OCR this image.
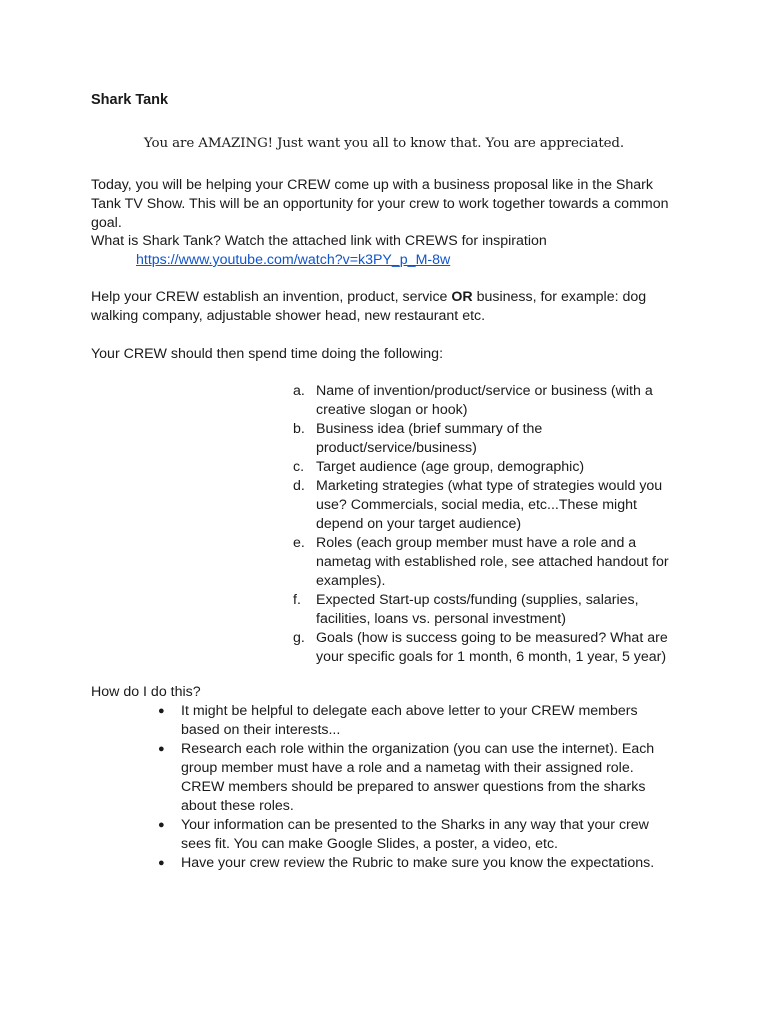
Shark Tank
You are AMAZING! Just want you all to know that. You are appreciated.

Today, you will be helping your CREW come up with a business proposal like in the Shark Tank TV Show. This will be an opportunity for your crew to work together towards a common goal.

What is Shark Tank? Watch the attached link with CREWS for inspiration

https://www.youtube.com/watch?v=k3PY_p_M-8w

Help your CREW establish an invention, product, service OR business, for example: dog walking company, adjustable shower head, new restaurant etc.

Your CREW should then spend time doing the following:

a. Name of invention/product/service or business (with a creative slogan or hook)
b. Business idea (brief summary of the product/service/business)
c. Target audience (age group, demographic)
d. Marketing strategies (what type of strategies would you use? Commercials, social media, etc...These might depend on your target audience)
e. Roles (each group member must have a role and a nametag with established role, see attached handout for examples).
f. Expected Start-up costs/funding (supplies, salaries, facilities, loans vs. personal investment)
g. Goals (how is success going to be measured? What are your specific goals for 1 month, 6 month, 1 year, 5 year)

How do I do this?

● It might be helpful to delegate each above letter to your CREW members based on their interests...
● Research each role within the organization (you can use the internet). Each group member must have a role and a nametag with their assigned role. CREW members should be prepared to answer questions from the sharks about these roles.
● Your information can be presented to the Sharks in any way that your crew sees fit. You can make Google Slides, a poster, a video, etc.
● Have your crew review the Rubric to make sure you know the expectations.
